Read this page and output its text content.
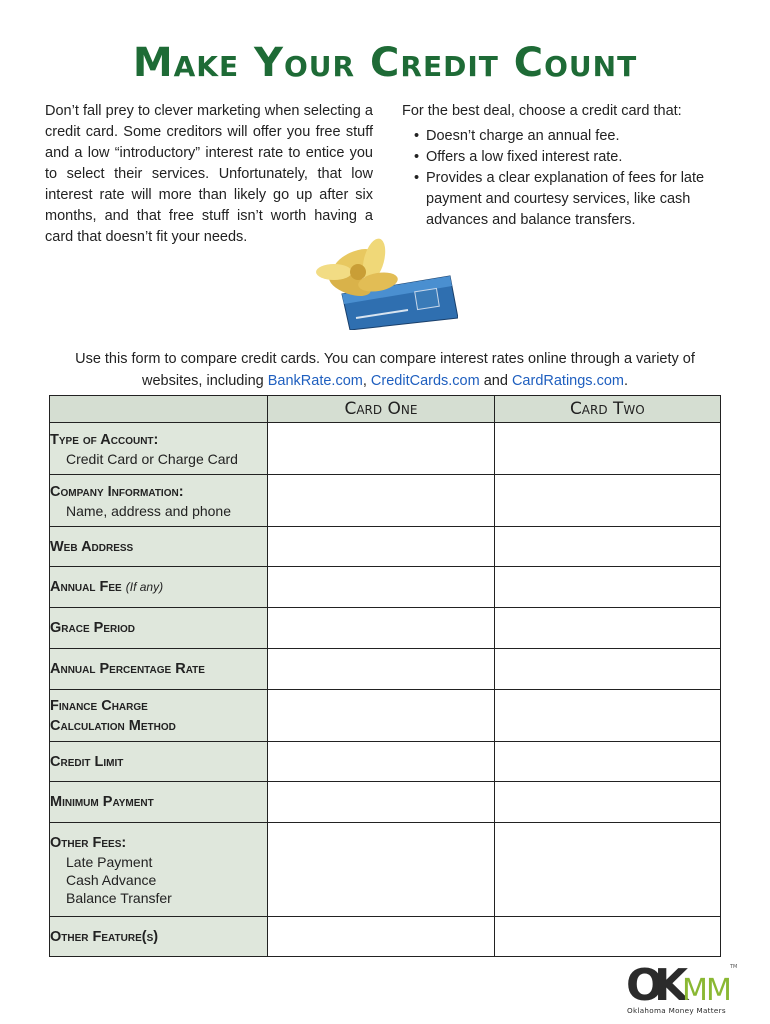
Make Your Credit Count
Don’t fall prey to clever marketing when selecting a credit card. Some creditors will offer you free stuff and a low “introductory” interest rate to entice you to select their services. Unfortunately, that low interest rate will more than likely go up after six months, and that free stuff isn’t worth having a card that doesn’t fit your needs.
For the best deal, choose a credit card that:
• Doesn’t charge an annual fee.
• Offers a low fixed interest rate.
• Provides a clear explanation of fees for late payment and courtesy services, like cash advances and balance transfers.
Use this form to compare credit cards. You can compare interest rates online through a variety of
websites, including BankRate.com, CreditCards.com and CardRatings.com.
	Card One	Card Two

Type of Account:
Credit Card or Charge Card		

Company Information:
Name, address and phone		

Web Address		

Annual Fee (If any)		

Grace Period		

Annual Percentage Rate		

Finance Charge
Calculation Method		

Credit Limit		

Minimum Payment		

Other Fees:
Late Payment
Cash Advance
Balance Transfer		

Other Feature(s)		

O
K
M
M
TM
Oklahoma Money Matters
